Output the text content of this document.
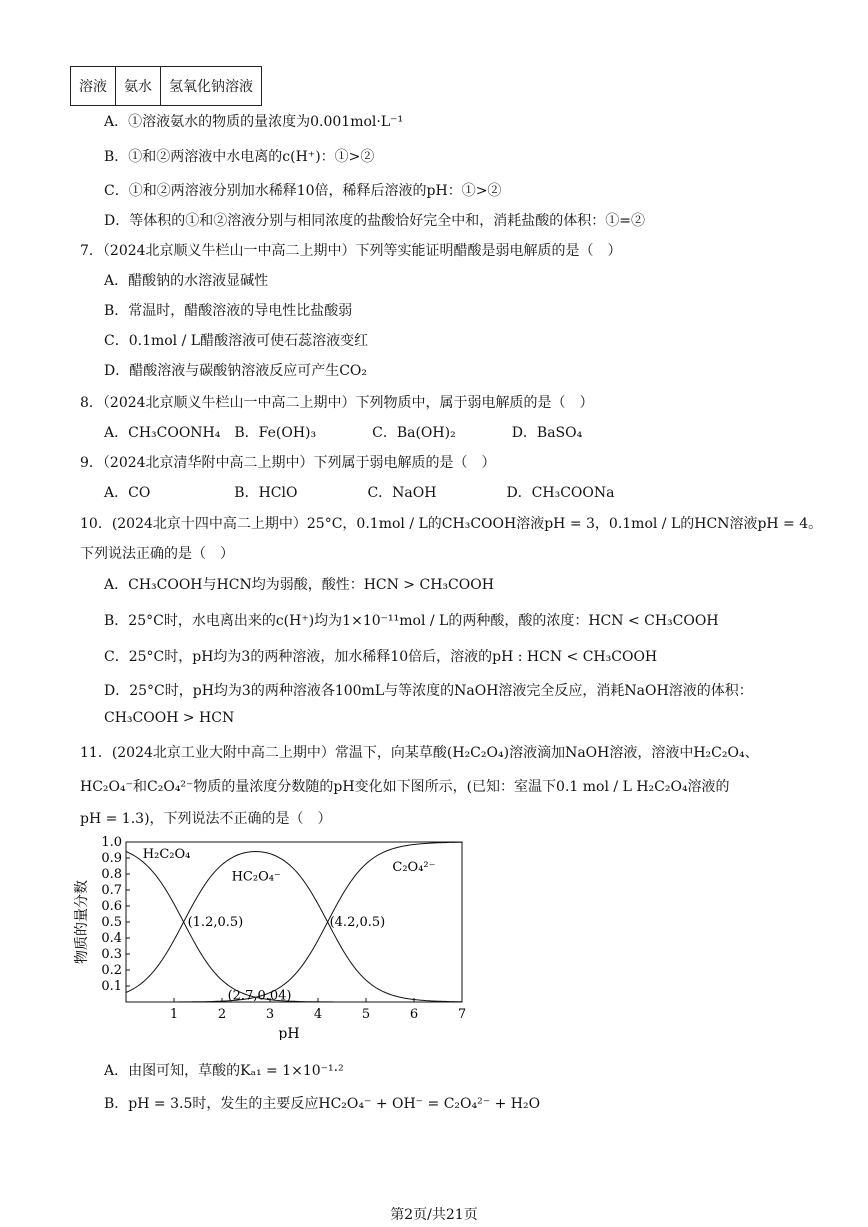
溶液	氨水	氢氧化钠溶液
A．①溶液氨水的物质的量浓度为0.001mol·L⁻¹
B．①和②两溶液中水电离的c(H⁺)：①>②
C．①和②两溶液分别加水稀释10倍，稀释后溶液的pH：①>②
D．等体积的①和②溶液分别与相同浓度的盐酸恰好完全中和，消耗盐酸的体积：①=②
7．（2024北京顺义牛栏山一中高二上期中）下列等实能证明醋酸是弱电解质的是（　）
A．醋酸钠的水溶液显碱性
B．常温时，醋酸溶液的导电性比盐酸弱
C．0.1mol / L醋酸溶液可使石蕊溶液变红
D．醋酸溶液与碳酸钠溶液反应可产生CO₂
8．（2024北京顺义牛栏山一中高二上期中）下列物质中，属于弱电解质的是（　）
A．CH₃COONH₄　B．Fe(OH)₃　　　　C．Ba(OH)₂　　　　D．BaSO₄
9．（2024北京清华附中高二上期中）下列属于弱电解质的是（　）
A．CO　　　　　　B．HClO　　　　　C．NaOH　　　　　D．CH₃COONa
10．(2024北京十四中高二上期中）25°C，0.1mol / L的CH₃COOH溶液pH = 3，0.1mol / L的HCN溶液pH = 4。
下列说法正确的是（　）
A．CH₃COOH与HCN均为弱酸，酸性：HCN > CH₃COOH
B．25°C时，水电离出来的c(H⁺)均为1×10⁻¹¹mol / L的两种酸，酸的浓度：HCN < CH₃COOH
C．25°C时，pH均为3的两种溶液，加水稀释10倍后，溶液的pH : HCN < CH₃COOH
D．25°C时，pH均为3的两种溶液各100mL与等浓度的NaOH溶液完全反应，消耗NaOH溶液的体积：
CH₃COOH > HCN
11．(2024北京工业大附中高二上期中）常温下，向某草酸(H₂C₂O₄)溶液滴加NaOH溶液，溶液中H₂C₂O₄、
HC₂O₄⁻和C₂O₄²⁻物质的量浓度分数随的pH变化如下图所示，(已知：室温下0.1 mol / L H₂C₂O₄溶液的
pH = 1.3)，下列说法不正确的是（　）
A．由图可知，草酸的Kₐ₁ = 1×10⁻¹·²
B．pH = 3.5时，发生的主要反应HC₂O₄⁻ + OH⁻ = C₂O₄²⁻ + H₂O
1	2	3	4	5	6	7
0.1
0.2
0.3
0.4
0.5
0.6
0.7
0.8
0.9
1.0
pH
物质的量分数
H₂C₂O₄
HC₂O₄⁻
C₂O₄²⁻
(1.2,0.5)	(4.2,0.5)
(2.7,0.04)
第2页/共21页
